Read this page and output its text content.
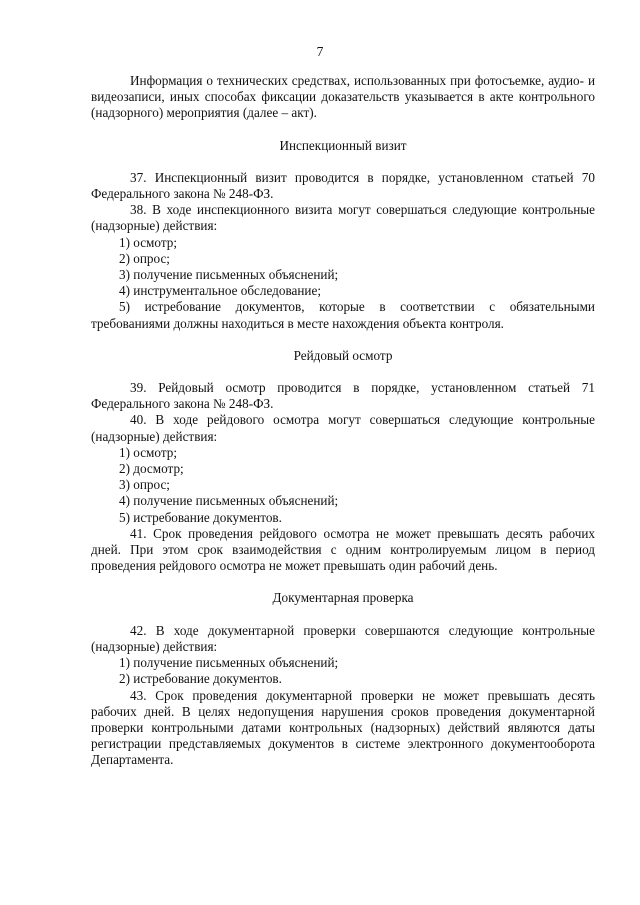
7

Информация о технических средствах, использованных при фотосъемке, аудио- и видеозаписи, иных способах фиксации доказательств указывается в акте контрольного (надзорного) мероприятия (далее – акт).

Инспекционный визит

37. Инспекционный визит проводится в порядке, установленном статьей 70 Федерального закона № 248-ФЗ.

38. В ходе инспекционного визита могут совершаться следующие контрольные (надзорные) действия:

1) осмотр;

2) опрос;

3) получение письменных объяснений;

4) инструментальное обследование;

5) истребование документов, которые в соответствии с обязательными требованиями должны находиться в месте нахождения объекта контроля.

Рейдовый осмотр

39. Рейдовый осмотр проводится в порядке, установленном статьей 71 Федерального закона № 248-ФЗ.

40. В ходе рейдового осмотра могут совершаться следующие контрольные (надзорные) действия:

1) осмотр;

2) досмотр;

3) опрос;

4) получение письменных объяснений;

5) истребование документов.

41. Срок проведения рейдового осмотра не может превышать десять рабочих дней. При этом срок взаимодействия с одним контролируемым лицом в период проведения рейдового осмотра не может превышать один рабочий день.

Документарная проверка

42. В ходе документарной проверки совершаются следующие контрольные (надзорные) действия:

1) получение письменных объяснений;

2) истребование документов.

43. Срок проведения документарной проверки не может превышать десять рабочих дней. В целях недопущения нарушения сроков проведения документарной проверки контрольными датами контрольных (надзорных) действий являются даты регистрации представляемых документов в системе электронного документооборота Департамента.
